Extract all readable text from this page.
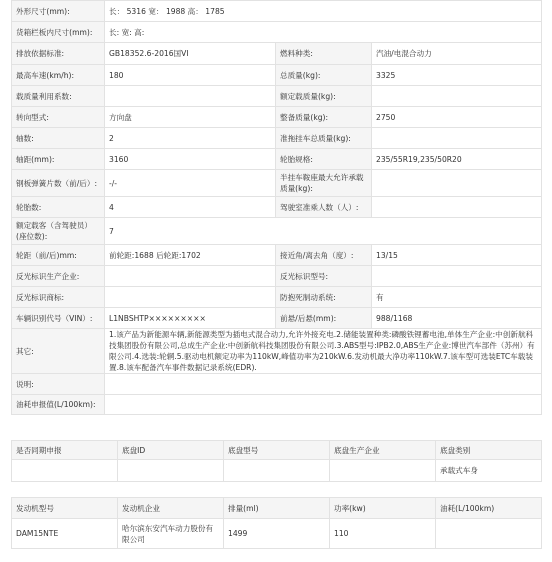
外形尺寸(mm):	长： 5316 宽： 1988 高： 1785		
货箱栏板内尺寸(mm):	长: 宽: 高:		
排放依据标准:	GB18352.6-2016国VI	燃料种类:	汽油/电混合动力
最高车速(km/h):	180	总质量(kg):	3325
载质量利用系数:		额定载质量(kg):	
转向型式:	方向盘	整备质量(kg):	2750
轴数:	2	准拖挂车总质量(kg):	
轴距(mm):	3160	轮胎规格:	235/55R19,235/50R20
钢板弹簧片数（前/后）:	-/-	半挂车鞍座最大允许承载质量(kg):	
轮胎数:	4	驾驶室准乘人数（人）:	
额定载客（含驾驶员）(座位数):	7		
轮距（前/后)mm:	前轮距:1688 后轮距:1702	接近角/离去角（度）:	13/15
反光标识生产企业:		反光标识型号:	
反光标识商标:		防抱死制动系统:	有
车辆识别代号（VIN）:	L1NBSHTP×××××××××	前悬/后悬(mm):	988/1168
其它:	1.该产品为新能源车辆,新能源类型为插电式混合动力,允许外接充电.2.储能装置种类:磷酸铁锂蓄电池,单体生产企业:中创新航科技集团股份有限公司,总成生产企业:中创新航科技集团股份有限公司.3.ABS型号:IPB2.0,ABS生产企业:博世汽车部件（苏州）有限公司.4.选装:轮辋.5.驱动电机额定功率为110kW,峰值功率为210kW.6.发动机最大净功率110kW.7.该车型可选装ETC车载装置.8.该车配备汽车事件数据记录系统(EDR).		
说明:			
油耗申报值(L/100km):			
是否同期申报	底盘ID	底盘型号	底盘生产企业	底盘类别
				承载式车身
发动机型号	发动机企业	排量(ml)	功率(kw)	油耗(L/100km)
DAM15NTE	哈尔滨东安汽车动力股份有限公司	1499	110	
